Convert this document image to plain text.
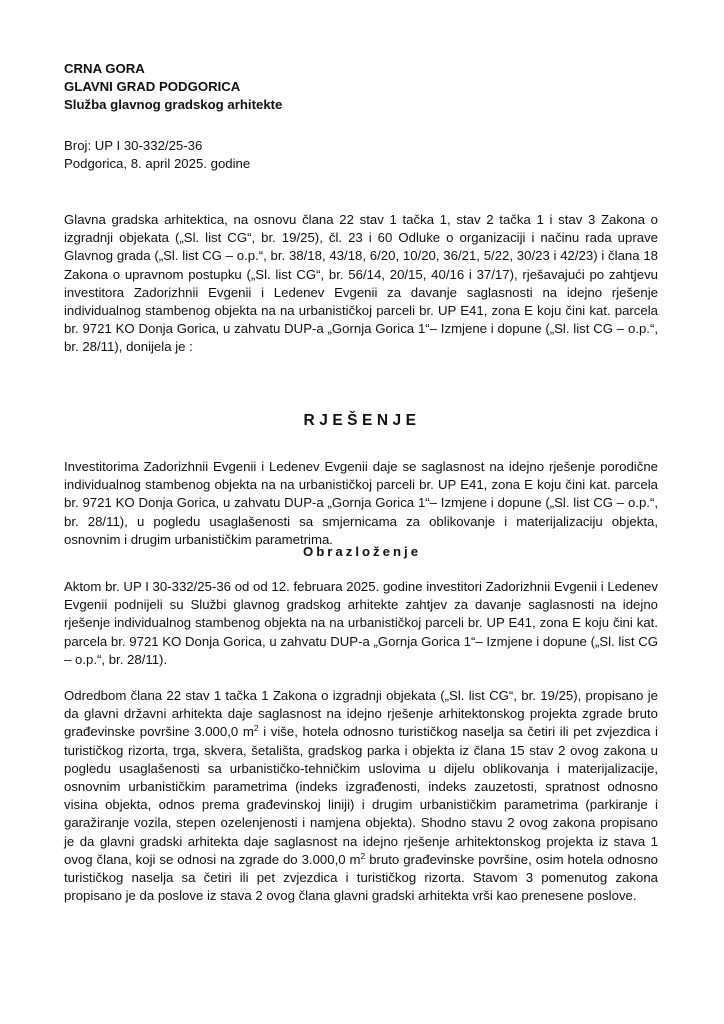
CRNA GORA
GLAVNI GRAD PODGORICA
Služba glavnog gradskog arhitekte
Broj: UP I 30-332/25-36
Podgorica, 8. april 2025. godine
Glavna gradska arhitektica, na osnovu člana 22 stav 1 tačka 1, stav 2 tačka 1 i stav 3 Zakona o izgradnji objekata („Sl. list CG“, br. 19/25), čl. 23 i 60 Odluke o organizaciji i načinu rada uprave Glavnog grada („Sl. list CG – o.p.“, br. 38/18, 43/18, 6/20, 10/20, 36/21, 5/22, 30/23 i 42/23) i člana 18 Zakona o upravnom postupku („Sl. list CG“, br. 56/14, 20/15, 40/16 i 37/17), rješavajući po zahtjevu investitora Zadorizhnii Evgenii i Ledenev Evgenii za davanje saglasnosti na idejno rješenje individualnog stambenog objekta na na urbanističkoj parceli br. UP E41, zona E koju čini kat. parcela br. 9721 KO Donja Gorica, u zahvatu DUP-a „Gornja Gorica 1“– Izmjene i dopune („Sl. list CG – o.p.“, br. 28/11), donijela je :
RJEŠENJE
Investitorima Zadorizhnii Evgenii i Ledenev Evgenii daje se saglasnost na idejno rješenje porodične individualnog stambenog objekta na na urbanističkoj parceli br. UP E41, zona E koju čini kat. parcela br. 9721 KO Donja Gorica, u zahvatu DUP-a „Gornja Gorica 1“– Izmjene i dopune („Sl. list CG – o.p.“, br. 28/11), u pogledu usaglašenosti sa smjernicama za oblikovanje i materijalizaciju objekta, osnovnim i drugim urbanističkim parametrima.
Obrazloženje
Aktom br. UP I 30-332/25-36 od od 12. februara 2025. godine investitori Zadorizhnii Evgenii i Ledenev Evgenii podnijeli su Službi glavnog gradskog arhitekte zahtjev za davanje saglasnosti na idejno rješenje individualnog stambenog objekta na na urbanističkoj parceli br. UP E41, zona E koju čini kat. parcela br. 9721 KO Donja Gorica, u zahvatu DUP-a „Gornja Gorica 1“– Izmjene i dopune („Sl. list CG – o.p.“, br. 28/11).
Odredbom člana 22 stav 1 tačka 1 Zakona o izgradnji objekata („Sl. list CG“, br. 19/25), propisano je da glavni državni arhitekta daje saglasnost na idejno rješenje arhitektonskog projekta zgrade bruto građevinske površine 3.000,0 $m^2$ i više, hotela odnosno turističkog naselja sa četiri ili pet zvjezdica i turističkog rizorta, trga, skvera, šetališta, gradskog parka i objekta iz člana 15 stav 2 ovog zakona u pogledu usaglašenosti sa urbanističko-tehničkim uslovima u dijelu oblikovanja i materijalizacije, osnovnim urbanističkim parametrima (indeks izgrađenosti, indeks zauzetosti, spratnost odnosno visina objekta, odnos prema građevinskoj liniji) i drugim urbanističkim parametrima (parkiranje i garažiranje vozila, stepen ozelenjenosti i namjena objekta). Shodno stavu 2 ovog zakona propisano je da glavni gradski arhitekta daje saglasnost na idejno rješenje arhitektonskog projekta iz stava 1 ovog člana, koji se odnosi na zgrade do 3.000,0 $m^2$ bruto građevinske površine, osim hotela odnosno turističkog naselja sa četiri ili pet zvjezdica i turističkog rizorta. Stavom 3 pomenutog zakona propisano je da poslove iz stava 2 ovog člana glavni gradski arhitekta vrši kao prenesene poslove.
